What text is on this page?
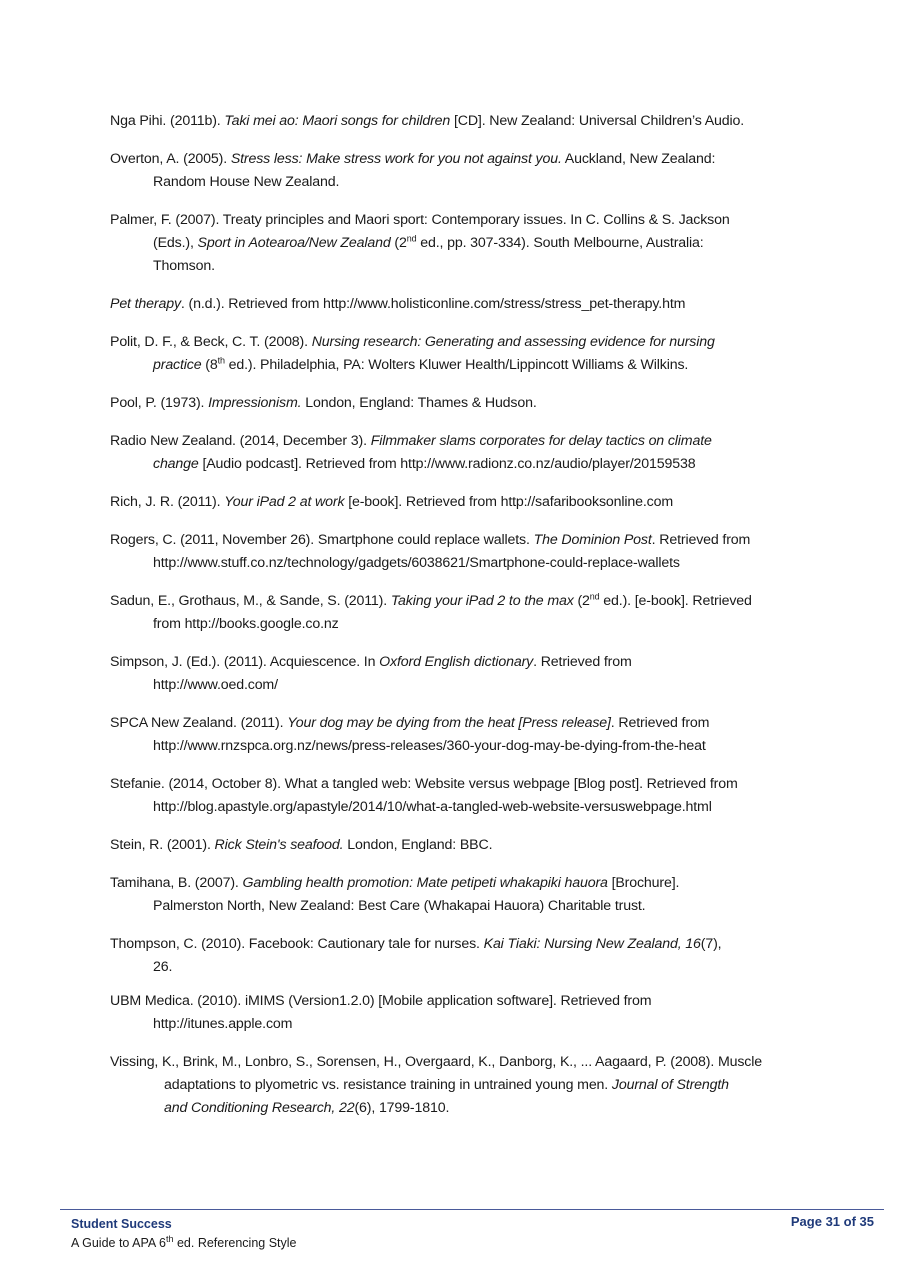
Nga Pihi. (2011b). Taki mei ao: Maori songs for children [CD]. New Zealand: Universal Children’s Audio.
Overton, A. (2005). Stress less: Make stress work for you not against you. Auckland, New Zealand:
Random House New Zealand.
Palmer, F. (2007). Treaty principles and Maori sport: Contemporary issues. In C. Collins & S. Jackson
(Eds.), Sport in Aotearoa/New Zealand (2nd ed., pp. 307-334). South Melbourne, Australia:
Thomson.
Pet therapy. (n.d.). Retrieved from http://www.holisticonline.com/stress/stress_pet-therapy.htm
Polit, D. F., & Beck, C. T. (2008). Nursing research: Generating and assessing evidence for nursing
practice (8th ed.). Philadelphia, PA: Wolters Kluwer Health/Lippincott Williams & Wilkins.
Pool, P. (1973). Impressionism. London, England: Thames & Hudson.
Radio New Zealand. (2014, December 3). Filmmaker slams corporates for delay tactics on climate
change [Audio podcast]. Retrieved from http://www.radionz.co.nz/audio/player/20159538
Rich, J. R. (2011). Your iPad 2 at work [e-book]. Retrieved from http://safaribooksonline.com
Rogers, C. (2011, November 26). Smartphone could replace wallets. The Dominion Post. Retrieved from
http://www.stuff.co.nz/technology/gadgets/6038621/Smartphone-could-replace-wallets
Sadun, E., Grothaus, M., & Sande, S. (2011). Taking your iPad 2 to the max (2nd ed.). [e-book]. Retrieved
from http://books.google.co.nz
Simpson, J. (Ed.). (2011). Acquiescence. In Oxford English dictionary. Retrieved from
http://www.oed.com/
SPCA New Zealand. (2011). Your dog may be dying from the heat [Press release]. Retrieved from
http://www.rnzspca.org.nz/news/press-releases/360-your-dog-may-be-dying-from-the-heat
Stefanie. (2014, October 8). What a tangled web: Website versus webpage [Blog post]. Retrieved from
http://blog.apastyle.org/apastyle/2014/10/what-a-tangled-web-website-versuswebpage.html
Stein, R. (2001). Rick Stein's seafood. London, England: BBC.
Tamihana, B. (2007). Gambling health promotion: Mate petipeti whakapiki hauora [Brochure].
Palmerston North, New Zealand: Best Care (Whakapai Hauora) Charitable trust.
Thompson, C. (2010). Facebook: Cautionary tale for nurses. Kai Tiaki: Nursing New Zealand, 16(7),
26.
UBM Medica. (2010). iMIMS (Version1.2.0) [Mobile application software]. Retrieved from
http://itunes.apple.com
Vissing, K., Brink, M., Lonbro, S., Sorensen, H., Overgaard, K., Danborg, K., ... Aagaard, P. (2008). Muscle
adaptations to plyometric vs. resistance training in untrained young men. Journal of Strength
and Conditioning Research, 22(6), 1799-1810.
Student Success
A Guide to APA 6th ed. Referencing Style
Page 31 of 35
